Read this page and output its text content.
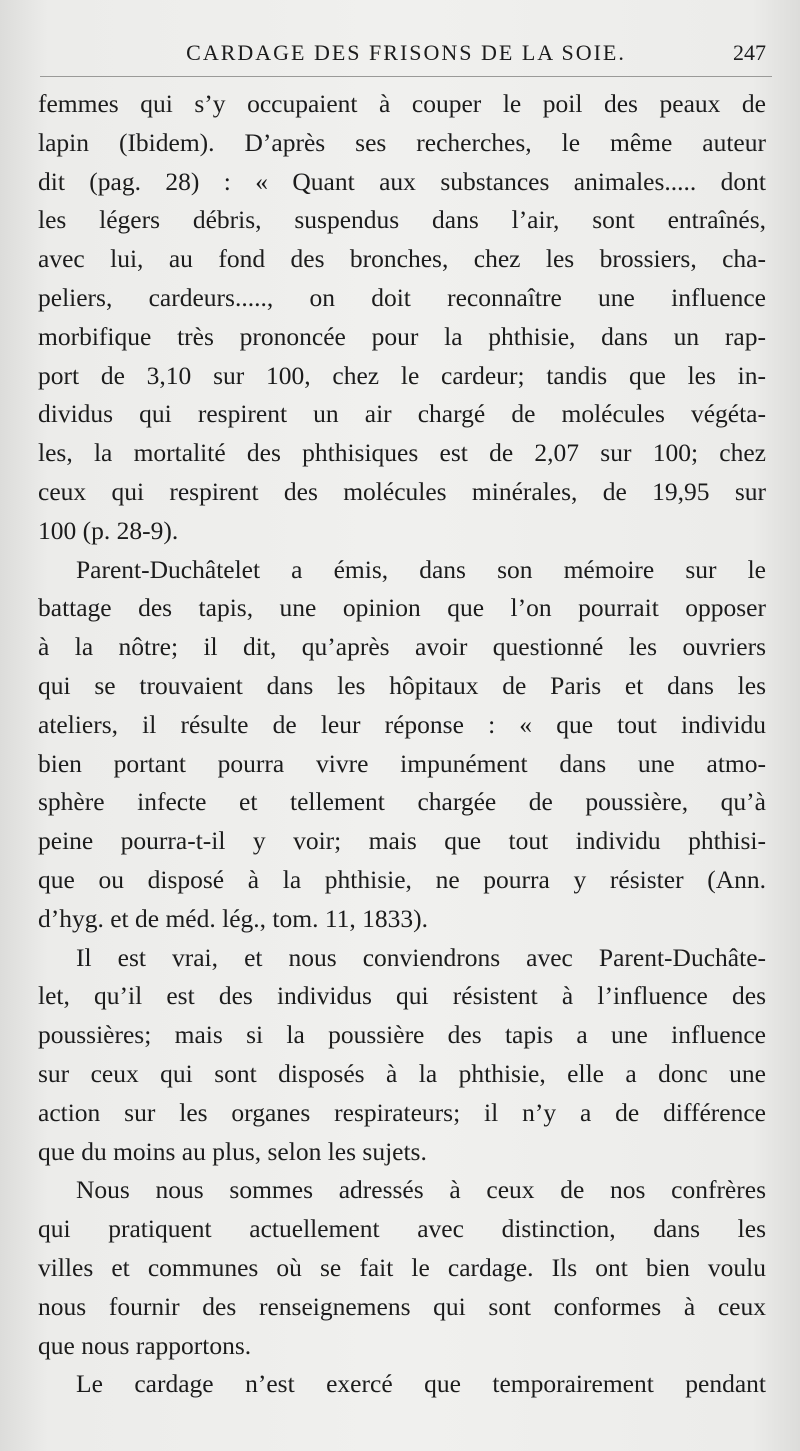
CARDAGE DES FRISONS DE LA SOIE.	247
femmes qui s’y occupaient à couper le poil des peaux de
lapin (Ibidem). D’après ses recherches, le même auteur
dit (pag. 28) : « Quant aux substances animales..... dont
les légers débris, suspendus dans l’air, sont entraînés,
avec lui, au fond des bronches, chez les brossiers, cha-
peliers, cardeurs....., on doit reconnaître une influence
morbifique très prononcée pour la phthisie, dans un rap-
port de 3,10 sur 100, chez le cardeur; tandis que les in-
dividus qui respirent un air chargé de molécules végéta-
les, la mortalité des phthisiques est de 2,07 sur 100; chez
ceux qui respirent des molécules minérales, de 19,95 sur
100 (p. 28-9).
Parent-Duchâtelet a émis, dans son mémoire sur le
battage des tapis, une opinion que l’on pourrait opposer
à la nôtre; il dit, qu’après avoir questionné les ouvriers
qui se trouvaient dans les hôpitaux de Paris et dans les
ateliers, il résulte de leur réponse : « que tout individu
bien portant pourra vivre impunément dans une atmo-
sphère infecte et tellement chargée de poussière, qu’à
peine pourra-t-il y voir; mais que tout individu phthisi-
que ou disposé à la phthisie, ne pourra y résister (Ann.
d’hyg. et de méd. lég., tom. 11, 1833).
Il est vrai, et nous conviendrons avec Parent-Duchâte-
let, qu’il est des individus qui résistent à l’influence des
poussières; mais si la poussière des tapis a une influence
sur ceux qui sont disposés à la phthisie, elle a donc une
action sur les organes respirateurs; il n’y a de différence
que du moins au plus, selon les sujets.
Nous nous sommes adressés à ceux de nos confrères
qui pratiquent actuellement avec distinction, dans les
villes et communes où se fait le cardage. Ils ont bien voulu
nous fournir des renseignemens qui sont conformes à ceux
que nous rapportons.
Le cardage n’est exercé que temporairement pendant
